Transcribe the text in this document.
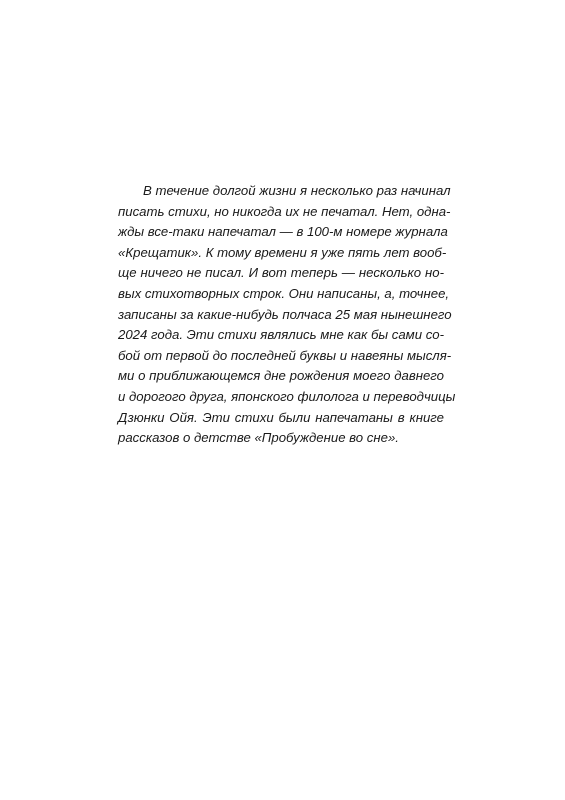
В течение долгой жизни я несколько раз начинал
писать стихи, но никогда их не печатал. Нет, одна-
жды все-таки напечатал — в 100-м номере журнала
«Крещатик». К тому времени я уже пять лет вооб-
ще ничего не писал. И вот теперь — несколько но-
вых стихотворных строк. Они написаны, а, точнее,
записаны за какие-нибудь полчаса 25 мая нынешнего
2024 года. Эти стихи являлись мне как бы сами со-
бой от первой до последней буквы и навеяны мысля-
ми о приближающемся дне рождения моего давнего
и дорогого друга, японского филолога и переводчицы
Дзюнки Ойя. Эти стихи были напечатаны в книге
рассказов о детстве «Пробуждение во сне».
